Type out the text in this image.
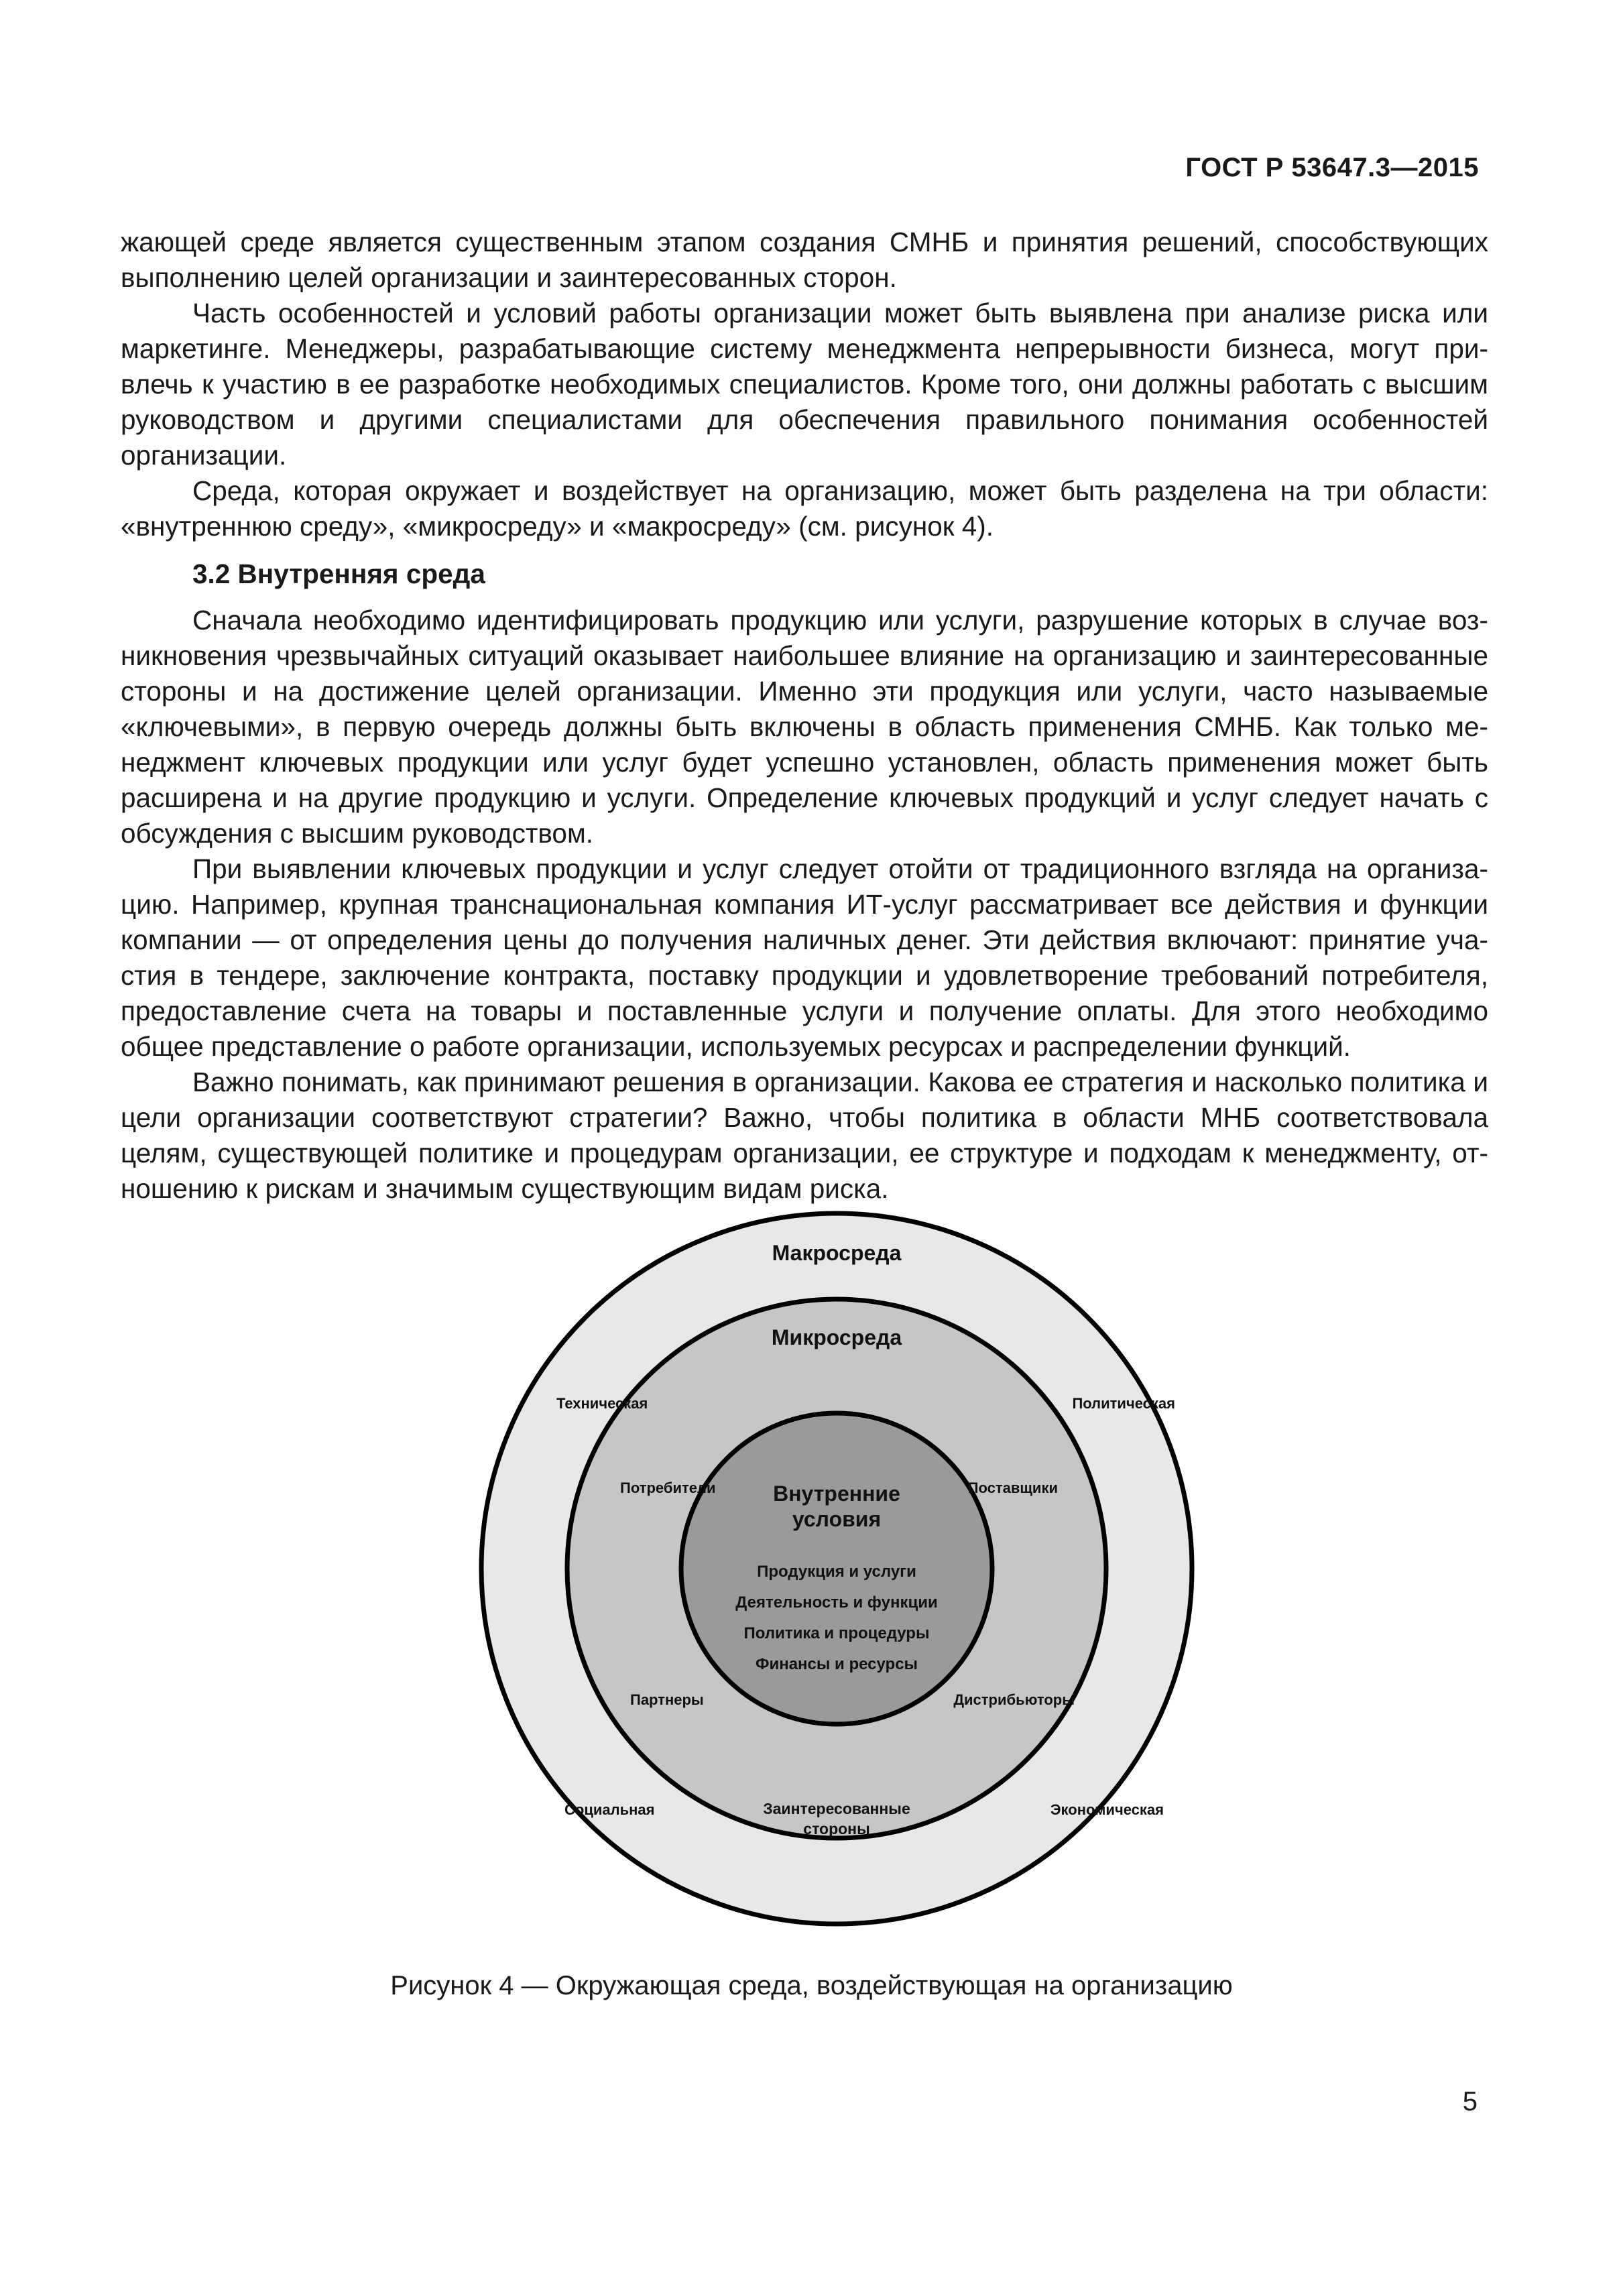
ГОСТ Р 53647.3—2015

жающей среде является существенным этапом создания СМНБ и принятия решений, способствующих выполнению целей организации и заинтересованных сторон.

Часть особенностей и условий работы организации может быть выявлена при анализе риска или маркетинге. Менеджеры, разрабатывающие систему менеджмента непрерывности бизнеса, могут привлечь к участию в ее разработке необходимых специалистов. Кроме того, они должны работать с высшим руководством и другими специалистами для обеспечения правильного понимания особенностей организации.

Среда, которая окружает и воздействует на организацию, может быть разделена на три области: «внутреннюю среду», «микросреду» и «макросреду» (см. рисунок 4).

3.2 Внутренняя среда

Сначала необходимо идентифицировать продукцию или услуги, разрушение которых в случае возникновения чрезвычайных ситуаций оказывает наибольшее влияние на организацию и заинтересованные стороны и на достижение целей организации. Именно эти продукция или услуги, часто называемые «ключевыми», в первую очередь должны быть включены в область применения СМНБ. Как только менеджмент ключевых продукции или услуг будет успешно установлен, область применения может быть расширена и на другие продукцию и услуги. Определение ключевых продукций и услуг следует начать с обсуждения с высшим руководством.

При выявлении ключевых продукции и услуг следует отойти от традиционного взгляда на организацию. Например, крупная транснациональная компания ИТ-услуг рассматривает все действия и функции компании — от определения цены до получения наличных денег. Эти действия включают: принятие участия в тендере, заключение контракта, поставку продукции и удовлетворение требований потребителя, предоставление счета на товары и поставленные услуги и получение оплаты. Для этого необходимо общее представление о работе организации, используемых ресурсах и распределении функций.

Важно понимать, как принимают решения в организации. Какова ее стратегия и насколько политика и цели организации соответствуют стратегии? Важно, чтобы политика в области МНБ соответствовала целям, существующей политике и процедурам организации, ее структуре и подходам к менеджменту, отношению к рискам и значимым существующим видам риска.

Макросреда
Техническая	Политическая
Социальная	Экономическая
Микросреда
Потребители	Поставщики
Партнеры	Дистрибьюторы
Заинтересованные
стороны
Внутренние
условия
Продукция и услуги
Деятельность и функции
Политика и процедуры
Финансы и ресурсы
Рисунок 4 — Окружающая среда, воздействующая на организацию
5
